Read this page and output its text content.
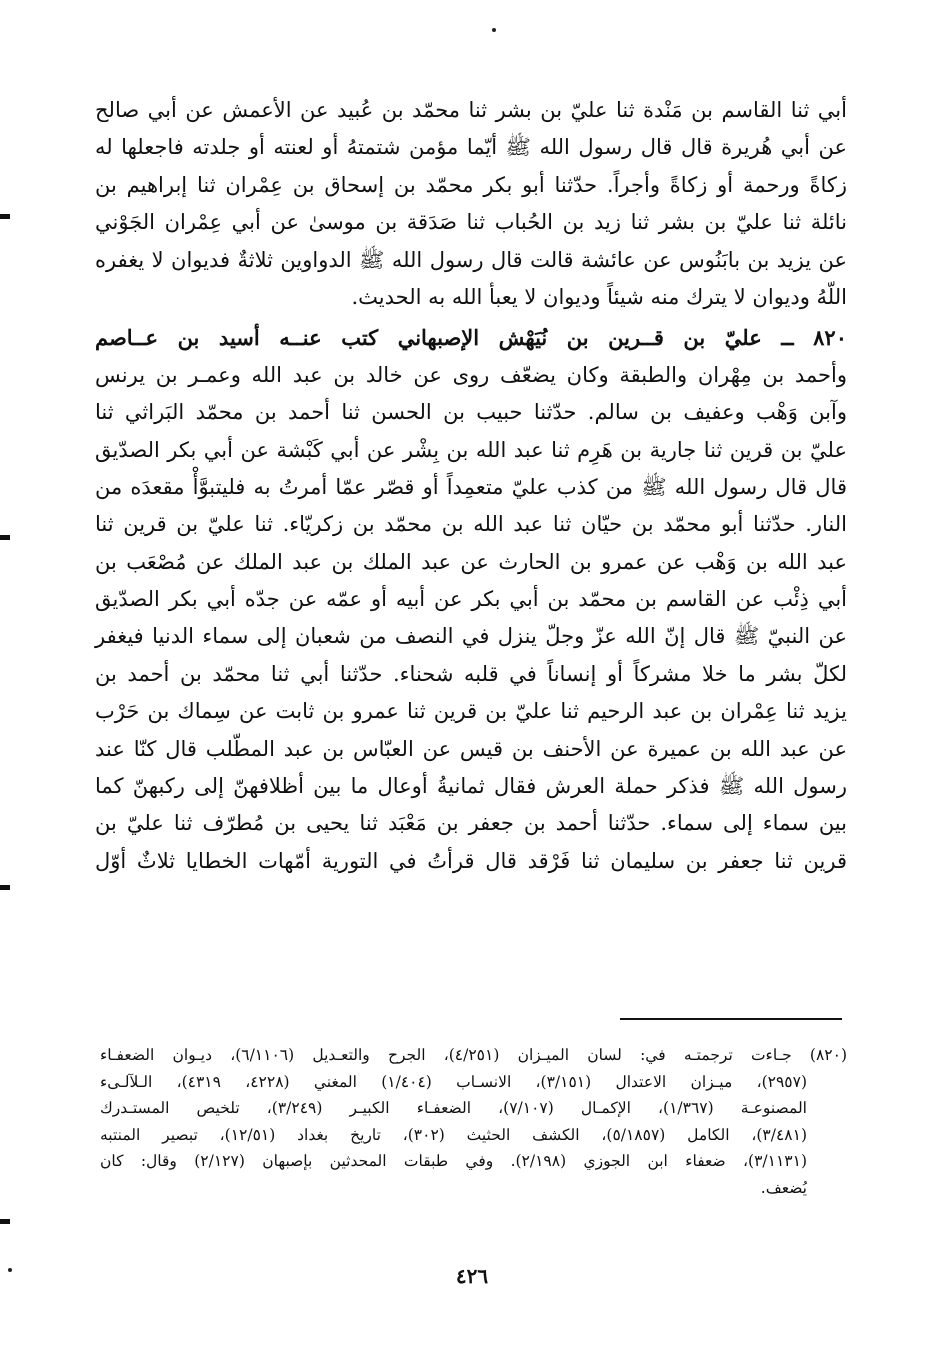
أبي ثنا القاسم بن مَنْدة ثنا عليّ بن بشر ثنا محمّد بن عُبيد عن الأعمش عن أبي صالح
عن أبي هُريرة قال قال رسول الله ﷺ أيّما مؤمن شتمتهُ أو لعنته أو جلدته فاجعلها له
زكاةً ورحمة أو زكاةً وأجراً. حدّثنا أبو بكر محمّد بن إسحاق بن عِمْران ثنا إبراهيم بن
نائلة ثنا عليّ بن بشر ثنا زيد بن الحُباب ثنا صَدَقة بن موسىٰ عن أبي عِمْران الجَوْني
عن يزيد بن بابَنُوس عن عائشة قالت قال رسول الله ﷺ الدواوين ثلاثةٌ فديوان لا يغفره
اللّهُ وديوان لا يترك منه شيئاً وديوان لا يعبأ الله به الحديث.
٨٢٠ ــ عليّ بن قــرين بن نُيَهْش الإصبهاني كتب عنــه أسيد بن عــاصم
وأحمد بن مِهْران والطبقة وكان يضعّف روى عن خالد بن عبد الله وعمـر بن يرنس
وآبن وَهْب وعفيف بن سالم. حدّثنا حبيب بن الحسن ثنا أحمد بن محمّد البَراثي ثنا
عليّ بن قرين ثنا جارية بن هَرِم ثنا عبد الله بن بِشْر عن أبي كَبْشة عن أبي بكر الصدّيق
قال قال رسول الله ﷺ من كذب عليّ متعمِداً أو قصّر عمّا أمرتُ به فليتبوَّأْ مقعدَه من
النار. حدّثنا أبو محمّد بن حيّان ثنا عبد الله بن محمّد بن زكريّاء. ثنا عليّ بن قرين ثنا
عبد الله بن وَهْب عن عمرو بن الحارث عن عبد الملك بن عبد الملك عن مُصْعَب بن
أبي ذِئْب عن القاسم بن محمّد بن أبي بكر عن أبيه أو عمّه عن جدّه أبي بكر الصدّيق
عن النبيّ ﷺ قال إنّ الله عزّ وجلّ ينزل في النصف من شعبان إلى سماء الدنيا فيغفر
لكلّ بشر ما خلا مشركاً أو إنساناً في قلبه شحناء. حدّثنا أبي ثنا محمّد بن أحمد بن
يزيد ثنا عِمْران بن عبد الرحيم ثنا عليّ بن قرين ثنا عمرو بن ثابت عن سِماك بن حَرْب
عن عبد الله بن عميرة عن الأحنف بن قيس عن العبّاس بن عبد المطّلب قال كنّا عند
رسول الله ﷺ فذكر حملة العرش فقال ثمانيةُ أوعال ما بين أظلافهنّ إلى ركبهنّ كما
بين سماء إلى سماء. حدّثنا أحمد بن جعفر بن مَعْبَد ثنا يحيى بن مُطرّف ثنا عليّ بن
قرين ثنا جعفر بن سليمان ثنا فَرْقد قال قرأتُ في التورية أمّهات الخطايا ثلاثٌ أوّل
(٨٢٠) جـاءت ترجمتـه في: لسان الميـزان (٤/٢٥١)، الجرح والتعـديل (٦/١١٠٦)، ديـوان الضعفـاء
(٢٩٥٧)، ميـزان الاعتدال (٣/١٥١)، الانسـاب (١/٤٠٤) المغني (٤٢٢٨، ٤٣١٩)، الـلآلـىء
المصنوعـة (١/٣٦٧)، الإكمـال (٧/١٠٧)، الضعفـاء الكبيـر (٣/٢٤٩)، تلخيص المستـدرك
(٣/٤٨١)، الكامل (٥/١٨٥٧)، الكشف الحثيث (٣٠٢)، تاريخ بغداد (١٢/٥١)، تبصير المنتبه
(٣/١١٣١)، ضعفاء ابن الجوزي (٢/١٩٨). وفي طبقات المحدثين بإصبهان (٢/١٢٧) وقال: كان
يُضعف.
٤٢٦
